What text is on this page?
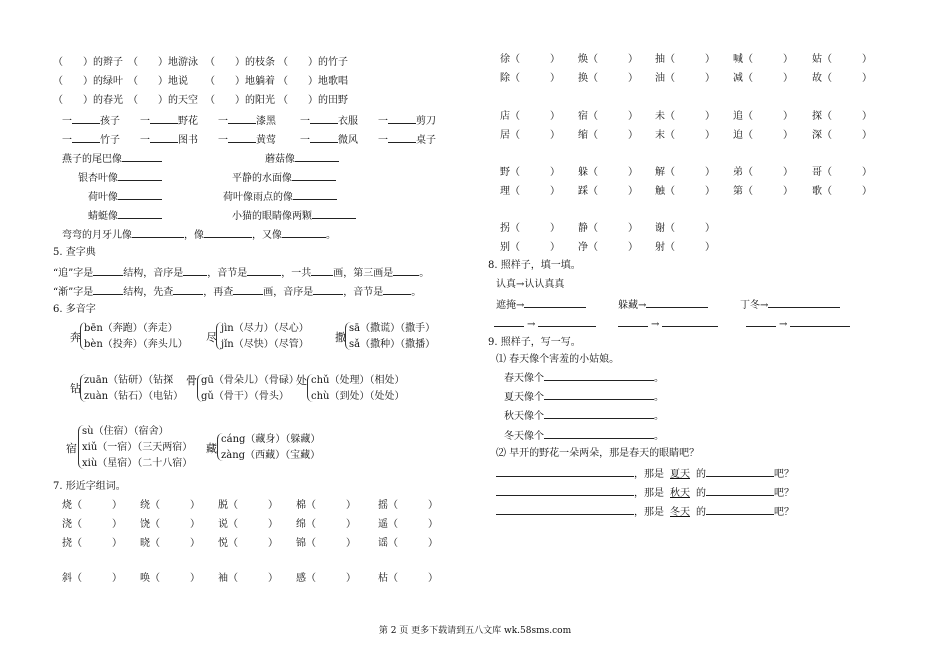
（　　）的辫子 （　　）地游泳 （　　）的枝条 （　　）的竹子
（　　）的绿叶 （　　）地说 （　　）地躺着 （　　）地歌唱
（　　）的春光 （　　）的天空 （　　）的阳光 （　　）的田野
一	孩子 一	野花 一	漆黑 一	衣服 一	剪刀
一	竹子 一	图书 一	黄莺 一	微风 一	桌子
燕子的尾巴像	蘑菇像
银杏叶像	平静的水面像
荷叶像	荷叶像雨点的像
蜻蜓像	小猫的眼睛像两颗
弯弯的月牙儿像	，像	，又像	。
5. 查字典
“追”字是	结构，音序是 ，音节是	，一共 画，第三画是	。
“渐”字是	结构，先查	，再查	画，音序是	，音节是	。
6. 多音字
奔
bēn（奔跑）（奔走）
bèn（投奔）（奔头儿）
尽
jìn（尽力）（尽心）
jǐn（尽快）（尽管）
撒
sā（撒谎）（撒手）
sǎ（撒种）（撒播）
钻
zuān（钻研）（钻探
zuàn（钻石）（电钻）
骨 gū（骨朵儿）（骨碌）
gǔ（骨干）（骨头）
处 chǔ（处理）（相处）
chù（到处）（处处）
宿
sù（住宿）（宿舍）
xiǔ（一宿）（三天两宿）
xiù（星宿）（二十八宿）
藏
cáng（藏身）（躲藏）
zàng（西藏）（宝藏）
7. 形近字组词。
烧（　　　） 绕（　　　） 脱（　　　） 棉（　　　） 摇（　　　）
浇（　　　） 饶（　　　） 说（　　　） 绵（　　　） 遥（　　　）
挠（　　　） 晓（　　　） 悦（　　　） 锦（　　　） 谣（　　　）
斜（　　　） 唤（　　　） 袖（　　　） 感（　　　） 枯（　　　）
徐（　　　） 焕（　　　） 抽（　　　） 喊（　　　） 姑（　　　）
除（　　　） 换（　　　） 油（　　　） 减（　　　） 故（　　　）
店（　　　） 宿（　　　） 未（　　　） 追（　　　） 探（　　　）
居（　　　） 缩（　　　） 末（　　　） 迫（　　　） 深（　　　）
野（　　　） 躲（　　　） 解（　　　） 弟（　　　） 哥（　　　）
理（　　　） 踩（　　　） 触（　　　） 第（　　　） 歌（　　　）
拐（　　　） 静（　　　） 谢（　　　）
别（　　　） 净（　　　） 射（　　　）
8. 照样子，填一填。
认真→认认真真
遮掩→	躲藏→	丁冬→
→	→	→
9. 照样子，写一写。
⑴ 春天像个害羞的小姑娘。
春天像个	。
夏天像个	。
秋天像个	。
冬天像个	。
⑵ 早开的野花一朵两朵，那是春天的眼睛吧？
，那是 夏天 的	吧？
，那是 秋天 的	吧？
，那是 冬天 的	吧？
第 2 页 更多下载请到五八文库 wk.58sms.com
